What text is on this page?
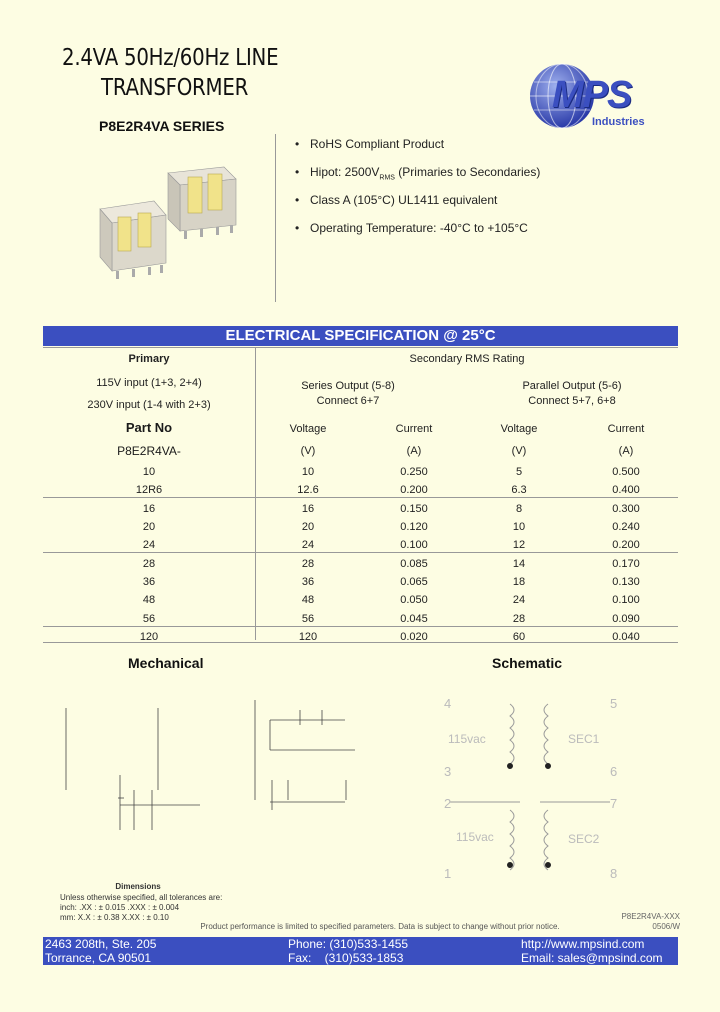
2.4VA 50Hz/60Hz LINE
TRANSFORMER	MPS
Industries
P8E2R4VA SERIES
• RoHS Compliant Product
• Hipot: $2500V_{RMS}$ (Primaries to Secondaries)
• Class A (105°C) UL1411 equivalent
• Operating Temperature: -40°C to +105°C
ELECTRICAL SPECIFICATION @ 25°C
Primary
115V input (1+3, 2+4)
230V input (1-4 with 2+3)
Secondary RMS Rating
Series Output (5-8)
Connect 6+7
Parallel Output (5-6)
Connect 5+7, 6+8
Part No	Voltage	Current	Voltage	Current
P8E2R4VA-	(V)	(A)	(V)	(A)
10	10	0.250	5	0.500
12R6	12.6	0.200	6.3	0.400
16	16	0.150	8	0.300
20	20	0.120	10	0.240
24	24	0.100	12	0.200
28	28	0.085	14	0.170
36	36	0.065	18	0.130
48	48	0.050	24	0.100
56	56	0.045	28	0.090
120	120	0.020	60	0.040
Mechanical	Schematic
Dimensions
Unless otherwise specified, all tolerances are:
inch: .XX : ± 0.015 .XXX : ± 0.004
mm: X.X : ± 0.38 X.XX : ± 0.10
4	5
3	6
2	7
1	8
115vac
115vac
SEC1
SEC2
P8E2R4VA-XXX
Product performance is limited to specified parameters. Data is subject to change without prior notice.	0506/W
2463 208th, Ste. 205
Torrance, CA 90501
Phone: (310)533-1455
Fax:    (310)533-1853
http://www.mpsind.com
Email: sales@mpsind.com
